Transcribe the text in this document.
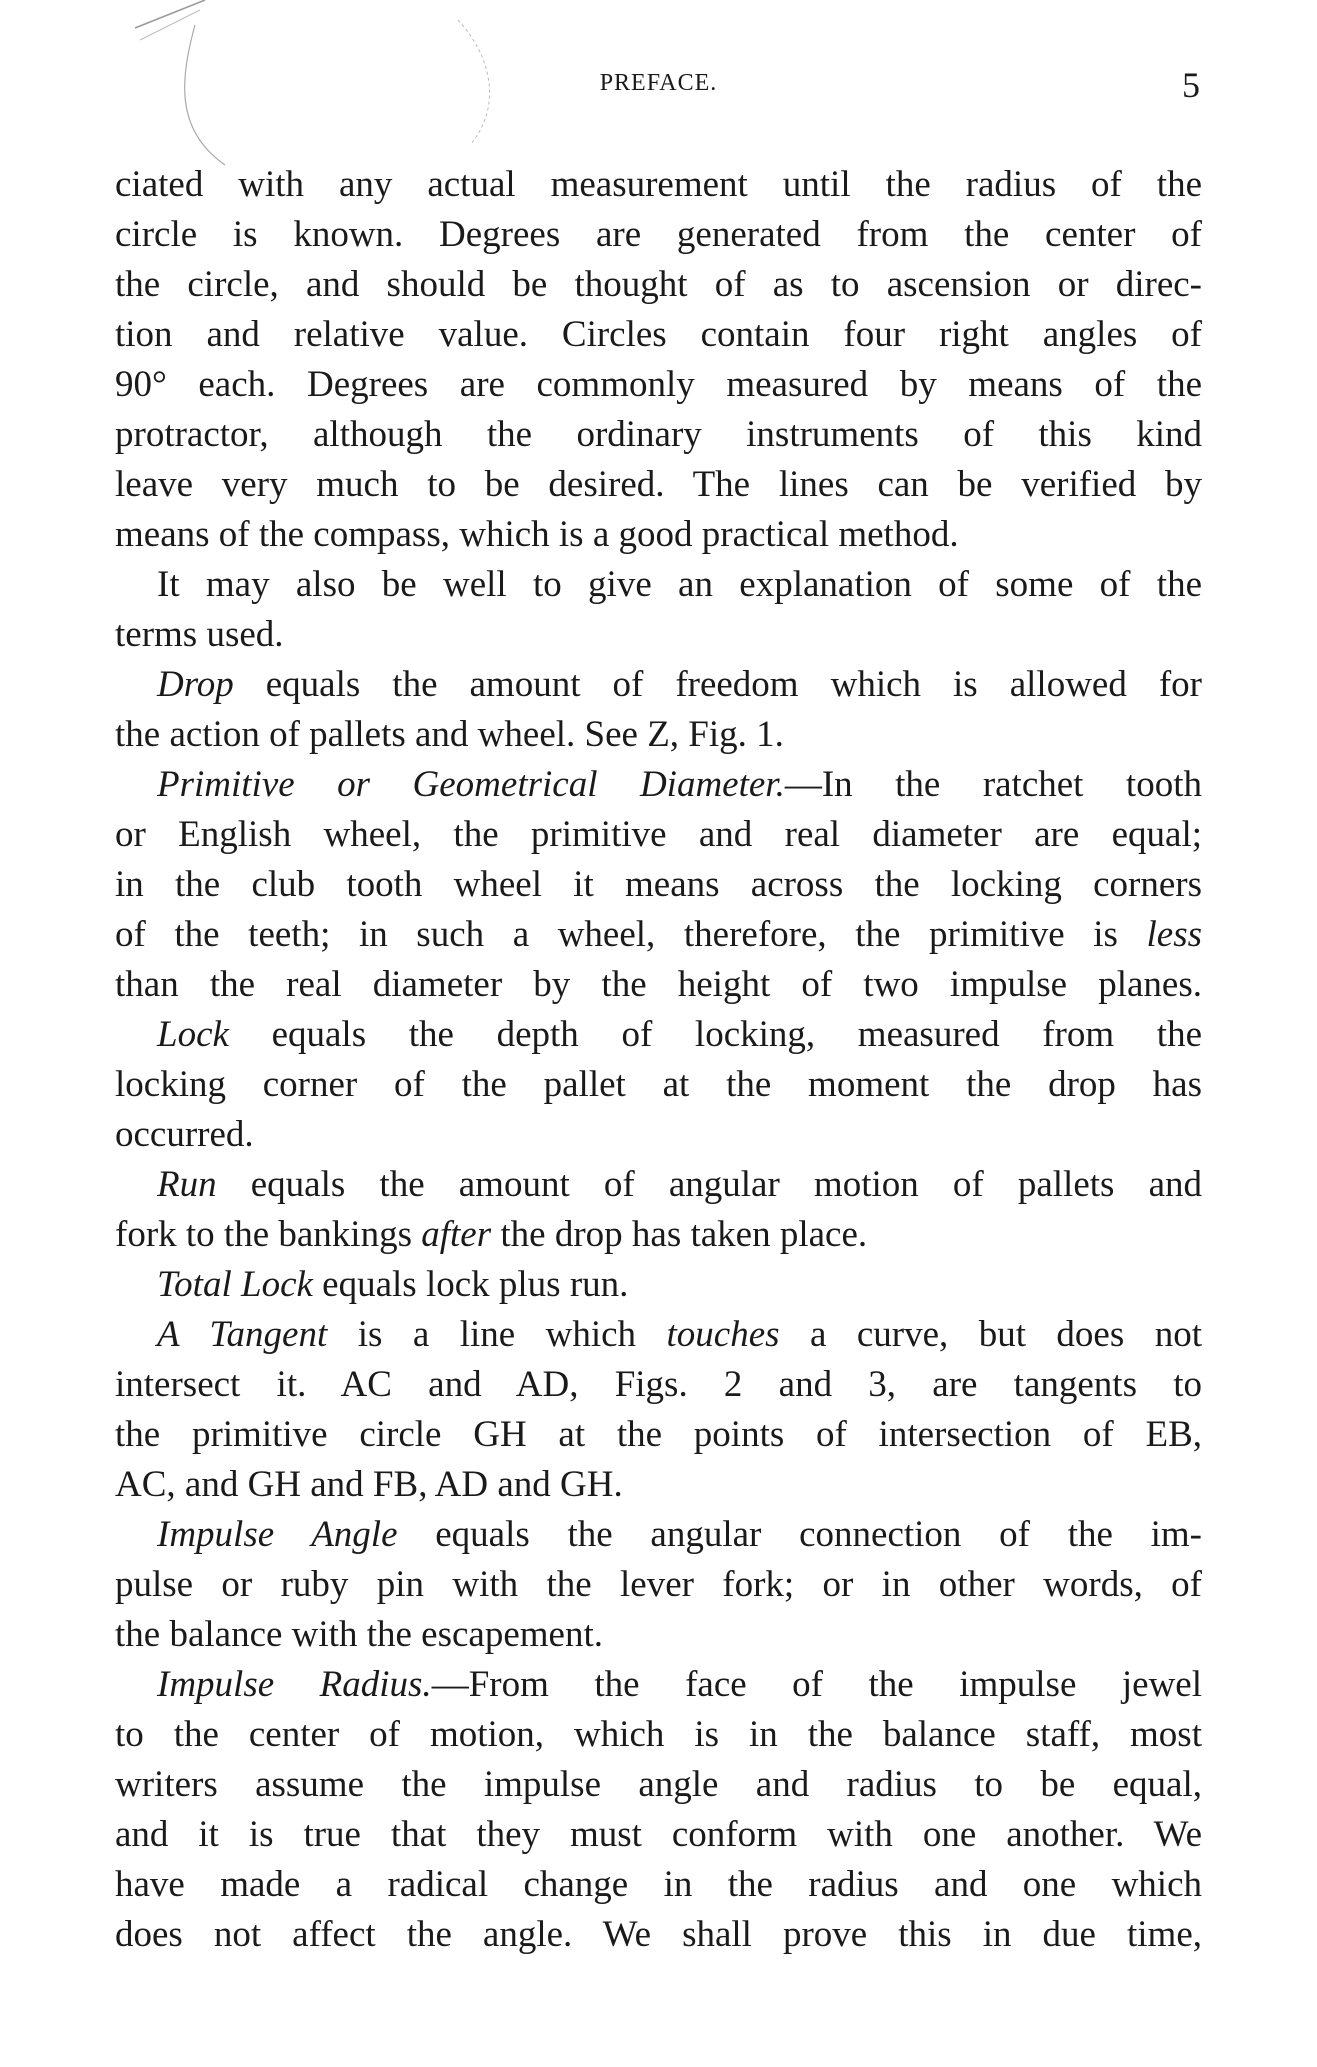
PREFACE.	5
ciated with any actual measurement until the radius of the
circle is known. Degrees are generated from the center of
the circle, and should be thought of as to ascension or direc-
tion and relative value. Circles contain four right angles of
90° each. Degrees are commonly measured by means of the
protractor, although the ordinary instruments of this kind
leave very much to be desired. The lines can be verified by
means of the compass, which is a good practical method.
It may also be well to give an explanation of some of the
terms used.
Drop equals the amount of freedom which is allowed for
the action of pallets and wheel. See Z, Fig. 1.
Primitive or Geometrical Diameter.—In the ratchet tooth
or English wheel, the primitive and real diameter are equal;
in the club tooth wheel it means across the locking corners
of the teeth; in such a wheel, therefore, the primitive is less
than the real diameter by the height of two impulse planes.
Lock equals the depth of locking, measured from the
locking corner of the pallet at the moment the drop has
occurred.
Run equals the amount of angular motion of pallets and
fork to the bankings after the drop has taken place.
Total Lock equals lock plus run.
A Tangent is a line which touches a curve, but does not
intersect it. AC and AD, Figs. 2 and 3, are tangents to
the primitive circle GH at the points of intersection of EB,
AC, and GH and FB, AD and GH.
Impulse Angle equals the angular connection of the im-
pulse or ruby pin with the lever fork; or in other words, of
the balance with the escapement.
Impulse Radius.—From the face of the impulse jewel
to the center of motion, which is in the balance staff, most
writers assume the impulse angle and radius to be equal,
and it is true that they must conform with one another. We
have made a radical change in the radius and one which
does not affect the angle. We shall prove this in due time,
